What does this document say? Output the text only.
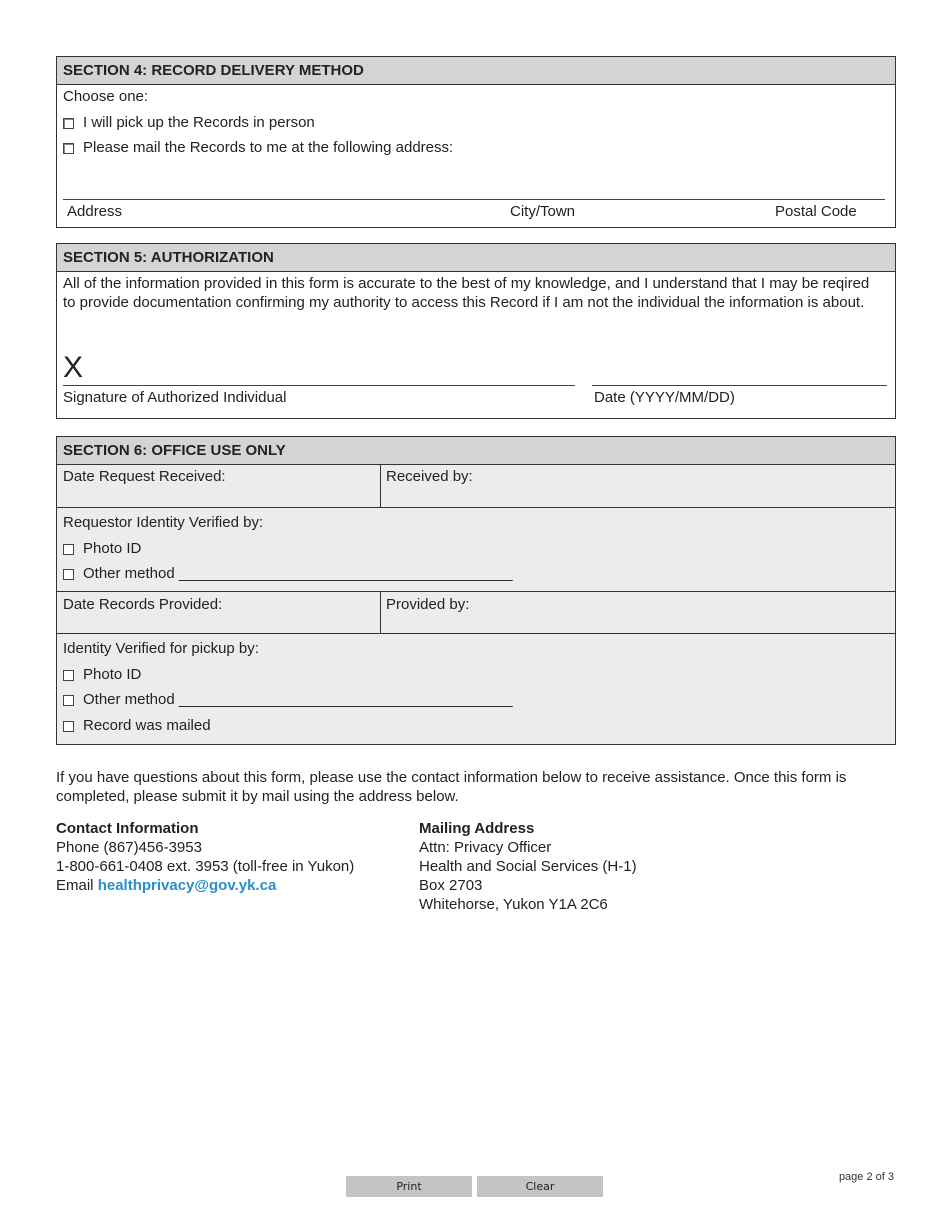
SECTION 4: RECORD DELIVERY METHOD
Choose one:
I will pick up the Records in person
Please mail the Records to me at the following address:
Address	City/Town	Postal Code
SECTION 5: AUTHORIZATION
All of the information provided in this form is accurate to the best of my knowledge, and I understand that I may be reqired to provide documentation confirming my authority to access this Record if I am not the individual the information is about.
X
Signature of Authorized Individual	Date (YYYY/MM/DD)
SECTION 6: OFFICE USE ONLY
Date Request Received:	Received by:
Requestor Identity Verified by:
Photo ID
Other method ________________________________________
Date Records Provided:	Provided by:
Identity Verified for pickup by:
Photo ID
Other method ________________________________________
Record was mailed
If you have questions about this form, please use the contact information below to receive assistance. Once this form is completed, please submit it by mail using the address below.
Contact Information
Phone (867)456-3953
1-800-661-0408 ext. 3953 (toll-free in Yukon)
Email healthprivacy@gov.yk.ca
Mailing Address
Attn: Privacy Officer
Health and Social Services (H-1)
Box 2703
Whitehorse, Yukon Y1A 2C6
Print	Clear
page 2 of 3
